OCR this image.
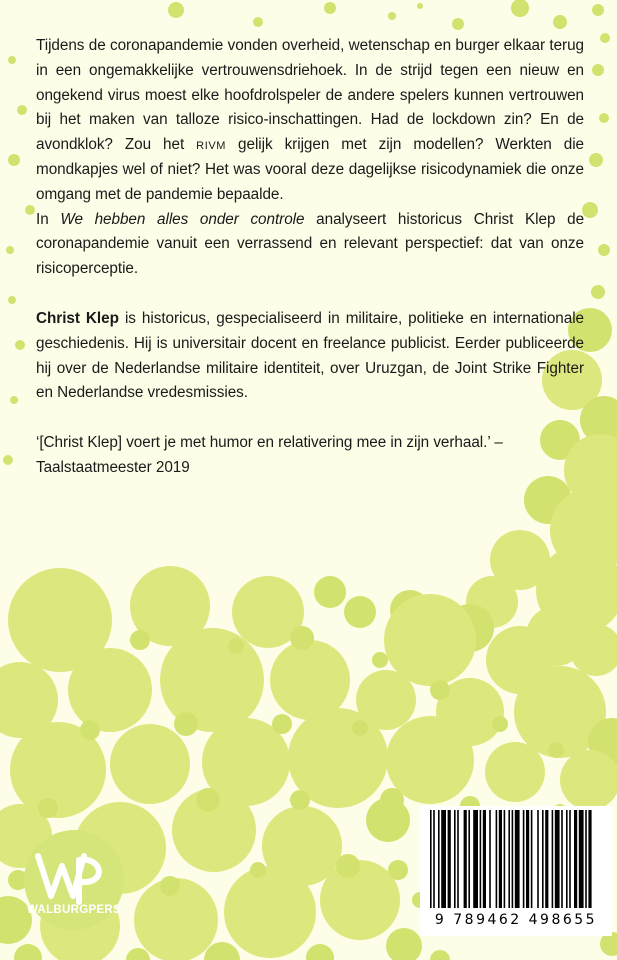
Tijdens de coronapandemie vonden overheid, wetenschap en burger elkaar terug in een ongemakkelijke vertrouwensdriehoek. In de strijd tegen een nieuw en ongekend virus moest elke hoofdrolspeler de andere spelers kunnen vertrouwen bij het maken van talloze risico-inschattingen. Had de lockdown zin? En de avondklok? Zou het rivm gelijk krijgen met zijn modellen? Werkten die mondkapjes wel of niet? Het was vooral deze dagelijkse risicodynamiek die onze omgang met de pandemie bepaalde.

In We hebben alles onder controle analyseert historicus Christ Klep de coronapandemie vanuit een verrassend en relevant perspectief: dat van onze risicoperceptie.

Christ Klep is historicus, gespecialiseerd in militaire, politieke en internationale geschiedenis. Hij is universitair docent en freelance publicist. Eerder publiceerde hij over de Nederlandse militaire identiteit, over Uruzgan, de Joint Strike Fighter en Nederlandse vredesmissies.

‘[Christ Klep] voert je met humor en relativering mee in zijn verhaal.’ – Taalstaatmeester 2019

WALBURGPERS
9 789462 498655
